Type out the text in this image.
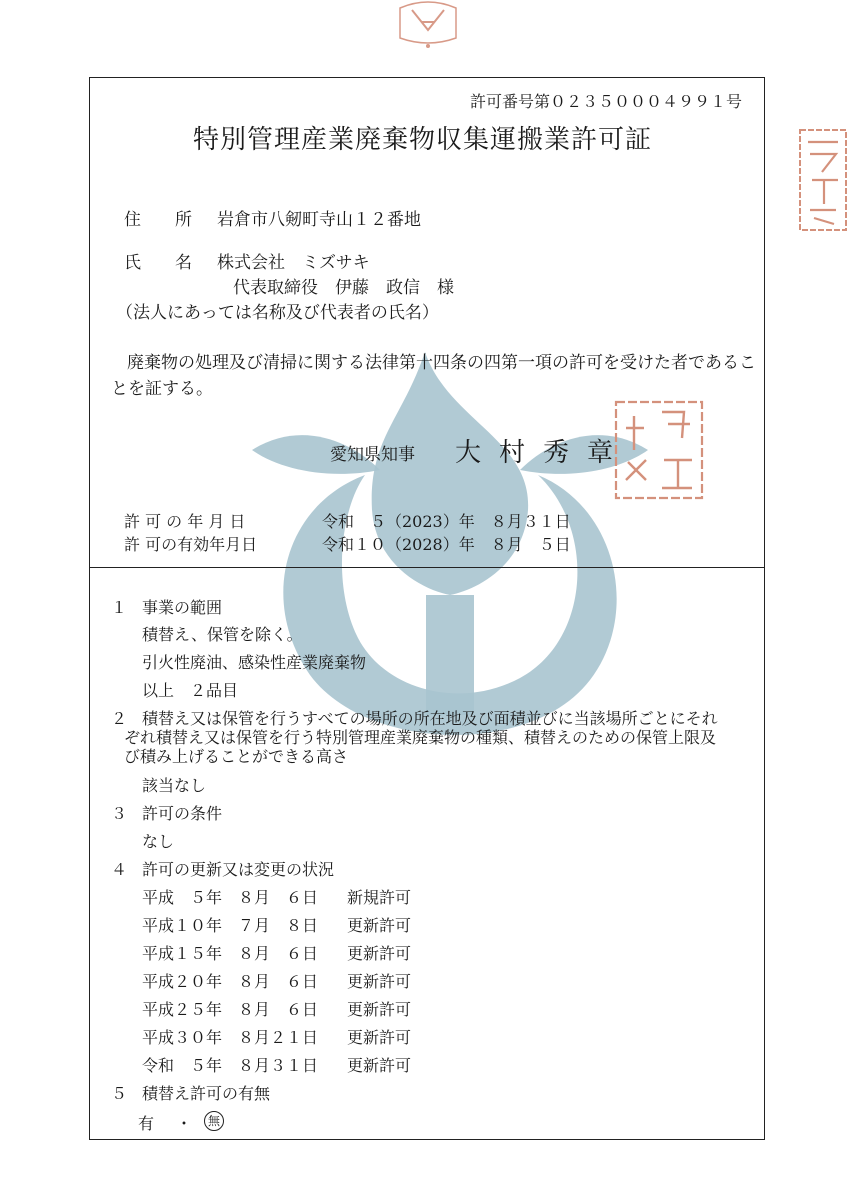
許可番号第０２３５０００４９９１号
特別管理産業廃棄物収集運搬業許可証
住　　所 岩倉市八剱町寺山１２番地
氏　　名 株式会社　ミズサキ
代表取締役　伊藤　政信　様
（法人にあっては名称及び代表者の氏名）
廃棄物の処理及び清掃に関する法律第十四条の四第一項の許可を受けた者であるこ
とを証する。
愛知県知事 大村秀章
許 可 の 年 月 日	令和　５（2023）年　８月３１日
許 可の有効年月日	令和１０（2028）年　８月　５日
１ 事業の範囲
積替え、保管を除く。
引火性廃油、感染性産業廃棄物
以上　２品目
２ 積替え又は保管を行うすべての場所の所在地及び面積並びに当該場所ごとにそれ
ぞれ積替え又は保管を行う特別管理産業廃棄物の種類、積替えのための保管上限及
び積み上げることができる高さ
該当なし
３ 許可の条件
なし
４ 許可の更新又は変更の状況
平成　５年　８月　６日 新規許可
平成１０年　７月　８日 更新許可
平成１５年　８月　６日 更新許可
平成２０年　８月　６日 更新許可
平成２５年　８月　６日 更新許可
平成３０年　８月２１日 更新許可
令和　５年　８月３１日 更新許可
５ 積替え許可の有無
有 ・	無
